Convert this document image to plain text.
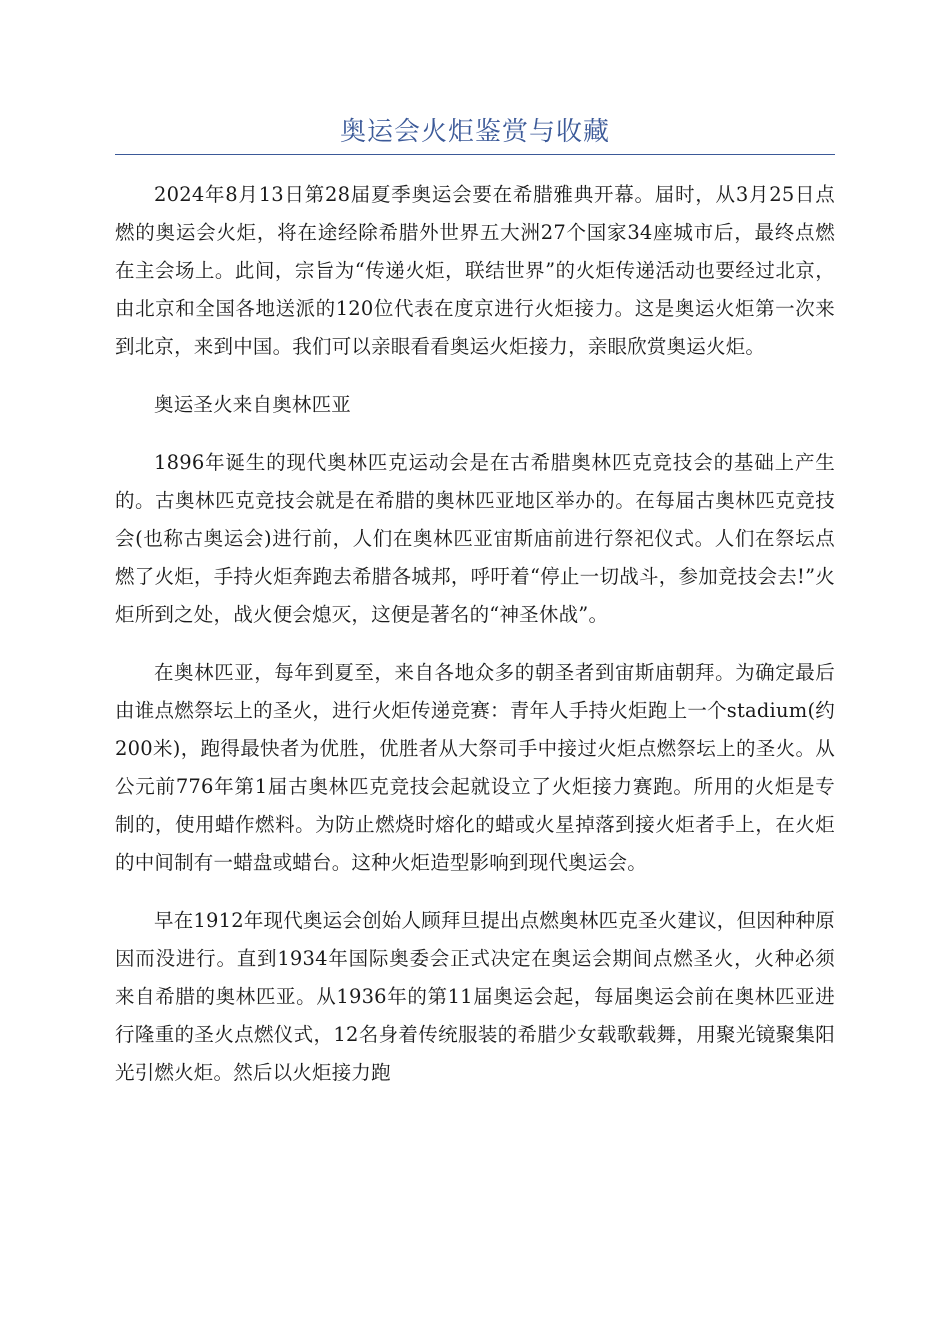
奥运会火炬鉴赏与收藏

2024年8月13日第28届夏季奥运会要在希腊雅典开幕。届时，从3月25日点燃的奥运会火炬，将在途经除希腊外世界五大洲27个国家34座城市后，最终点燃在主会场上。此间，宗旨为“传递火炬，联结世界”的火炬传递活动也要经过北京，由北京和全国各地送派的120位代表在度京进行火炬接力。这是奥运火炬第一次来到北京，来到中国。我们可以亲眼看看奥运火炬接力，亲眼欣赏奥运火炬。

奥运圣火来自奥林匹亚

1896年诞生的现代奥林匹克运动会是在古希腊奥林匹克竞技会的基础上产生的。古奥林匹克竞技会就是在希腊的奥林匹亚地区举办的。在每届古奥林匹克竞技会(也称古奥运会)进行前，人们在奥林匹亚宙斯庙前进行祭祀仪式。人们在祭坛点燃了火炬，手持火炬奔跑去希腊各城邦，呼吁着“停止一切战斗，参加竞技会去!”火炬所到之处，战火便会熄灭，这便是著名的“神圣休战”。

在奥林匹亚，每年到夏至，来自各地众多的朝圣者到宙斯庙朝拜。为确定最后由谁点燃祭坛上的圣火，进行火炬传递竞赛：青年人手持火炬跑上一个stadium(约200米)，跑得最快者为优胜，优胜者从大祭司手中接过火炬点燃祭坛上的圣火。从公元前776年第1届古奥林匹克竞技会起就设立了火炬接力赛跑。所用的火炬是专制的，使用蜡作燃料。为防止燃烧时熔化的蜡或火星掉落到接火炬者手上，在火炬的中间制有一蜡盘或蜡台。这种火炬造型影响到现代奥运会。

早在1912年现代奥运会创始人顾拜旦提出点燃奥林匹克圣火建议，但因种种原因而没进行。直到1934年国际奥委会正式决定在奥运会期间点燃圣火，火种必须来自希腊的奥林匹亚。从1936年的第11届奥运会起，每届奥运会前在奥林匹亚进行隆重的圣火点燃仪式，12名身着传统服装的希腊少女载歌载舞，用聚光镜聚集阳光引燃火炬。然后以火炬接力跑
